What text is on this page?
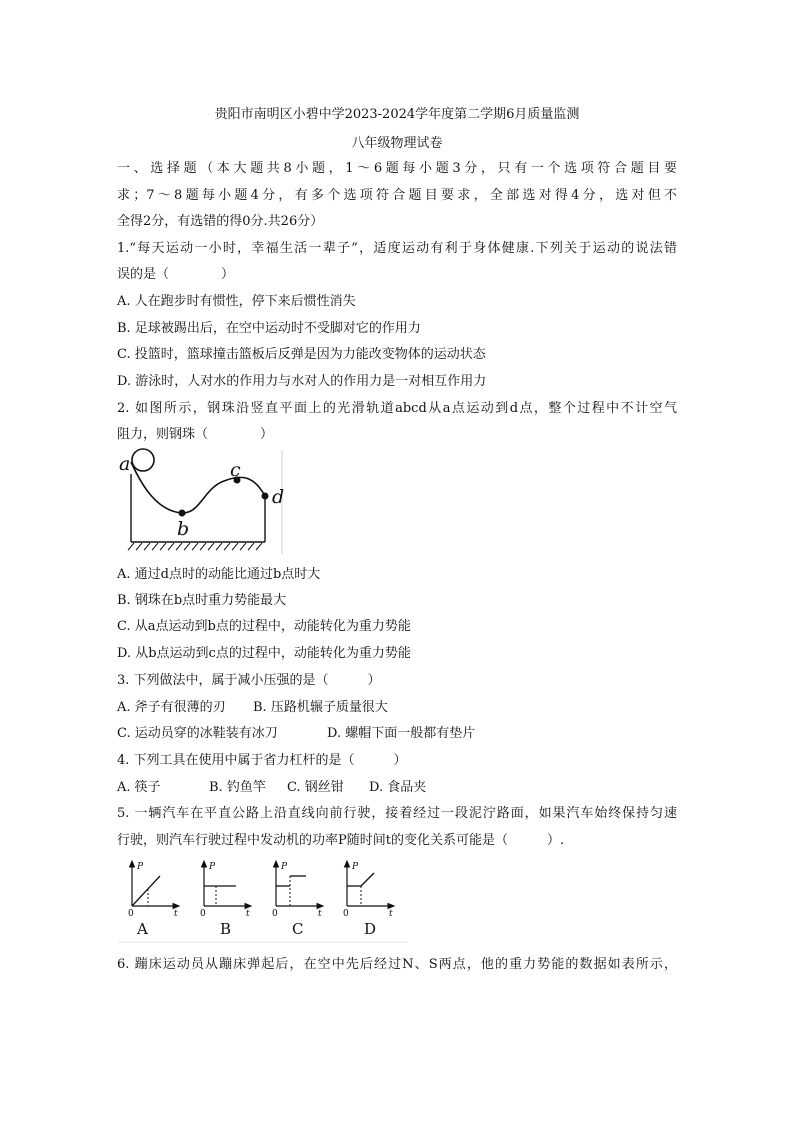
贵阳市南明区小碧中学2023-2024学年度第二学期6月质量监测
八年级物理试卷
一、选择题（本大题共8小题，1～6题每小题3分，只有一个选项符合题目要
求；7～8题每小题4分，有多个选项符合题目要求，全部选对得4分，选对但不
全得2分，有选错的得0分.共26分）
1.“每天运动一小时，幸福生活一辈子”，适度运动有利于身体健康.下列关于运动的说法错
误的是（　　　　）
A. 人在跑步时有惯性，停下来后惯性消失
B. 足球被踢出后，在空中运动时不受脚对它的作用力
C. 投篮时，篮球撞击篮板后反弹是因为力能改变物体的运动状态
D. 游泳时，人对水的作用力与水对人的作用力是一对相互作用力
2. 如图所示，钢珠沿竖直平面上的光滑轨道abcd从a点运动到d点，整个过程中不计空气
阻力，则钢珠（　　　　）
a
b
c
d
A. 通过d点时的动能比通过b点时大
B. 钢珠在b点时重力势能最大
C. 从a点运动到b点的过程中，动能转化为重力势能
D. 从b点运动到c点的过程中，动能转化为重力势能
3. 下列做法中，属于减小压强的是（　　　）
A. 斧子有很薄的刃 B. 压路机辗子质量很大
C. 运动员穿的冰鞋装有冰刀	D. 螺帽下面一般都有垫片
4. 下列工具在使用中属于省力杠杆的是（　　　）
A. 筷子	B. 钓鱼竿 C. 钢丝钳 D. 食品夹
5. 一辆汽车在平直公路上沿直线向前行驶，接着经过一段泥泞路面，如果汽车始终保持匀速
行驶，则汽车行驶过程中发动机的功率P随时间t的变化关系可能是（　　　）.
P
0	t
A
P
0	t
B
P
0	t
C
P
0	t
D
6. 蹦床运动员从蹦床弹起后，在空中先后经过N、S两点，他的重力势能的数据如表所示，
